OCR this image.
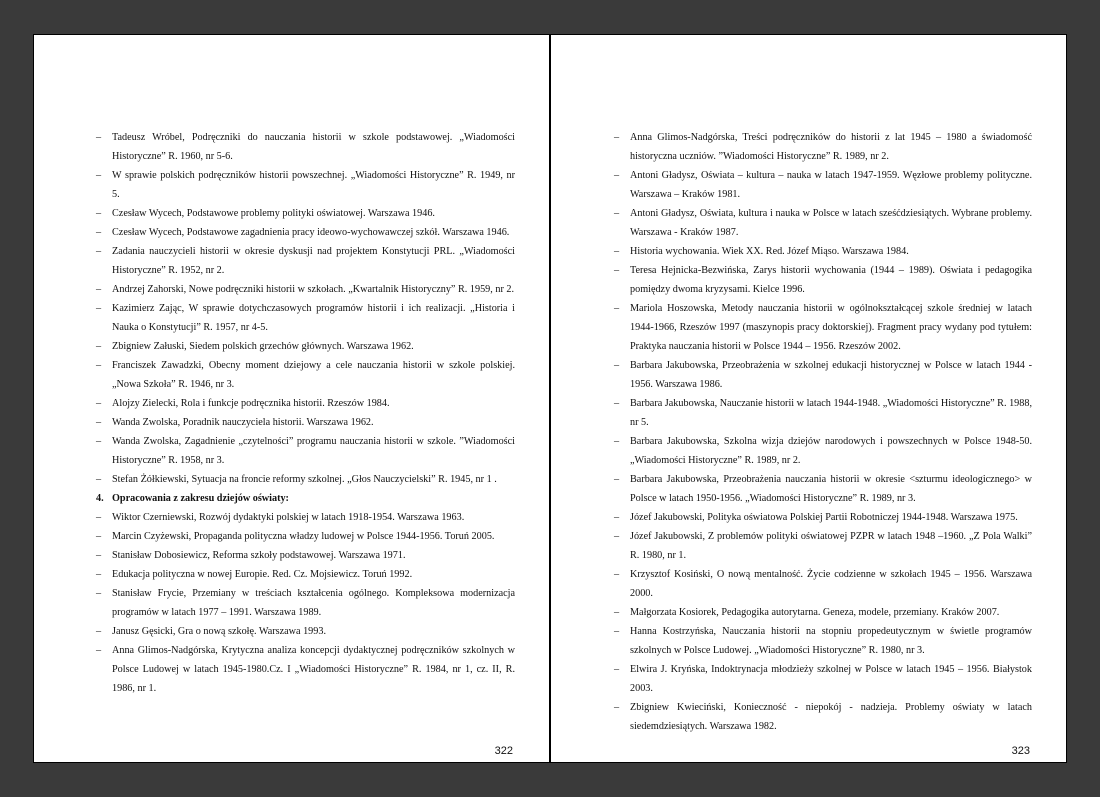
– Tadeusz Wróbel, Podręczniki do nauczania historii w szkole podstawowej. „Wiadomości Historyczne” R. 1960, nr 5-6.

– W sprawie polskich podręczników historii powszechnej. „Wiadomości Historyczne” R. 1949, nr 5.

– Czesław Wycech, Podstawowe problemy polityki oświatowej. Warszawa 1946.

– Czesław Wycech, Podstawowe zagadnienia pracy ideowo-wychowawczej szkół. Warszawa 1946.

– Zadania nauczycieli historii w okresie dyskusji nad projektem Konstytucji PRL. „Wiadomości Historyczne” R. 1952, nr 2.

– Andrzej Zahorski, Nowe podręczniki historii w szkołach. „Kwartalnik Historyczny” R. 1959, nr 2.

– Kazimierz Zając, W sprawie dotychczasowych programów historii i ich realizacji. „Historia i Nauka o Konstytucji” R. 1957, nr 4-5.

– Zbigniew Załuski, Siedem polskich grzechów głównych. Warszawa 1962.

– Franciszek Zawadzki, Obecny moment dziejowy a cele nauczania historii w szkole polskiej. „Nowa Szkoła” R. 1946, nr 3.

– Alojzy Zielecki, Rola i funkcje podręcznika historii. Rzeszów 1984.

– Wanda Zwolska, Poradnik nauczyciela historii. Warszawa 1962.

– Wanda Zwolska, Zagadnienie „czytelności” programu nauczania historii w szkole. ”Wiadomości Historyczne” R. 1958, nr 3.

– Stefan Żółkiewski, Sytuacja na froncie reformy szkolnej. „Głos Nauczycielski” R. 1945, nr 1 .

4. Opracowania z zakresu dziejów oświaty:

– Wiktor Czerniewski, Rozwój dydaktyki polskiej w latach 1918-1954. Warszawa 1963.

– Marcin Czyżewski, Propaganda polityczna władzy ludowej w Polsce 1944-1956. Toruń 2005.

– Stanisław Dobosiewicz, Reforma szkoły podstawowej. Warszawa 1971.

– Edukacja polityczna w nowej Europie. Red. Cz. Mojsiewicz. Toruń 1992.

– Stanisław Frycie, Przemiany w treściach kształcenia ogólnego. Kompleksowa modernizacja programów w latach 1977 – 1991. Warszawa 1989.

– Janusz Gęsicki, Gra o nową szkołę. Warszawa 1993.

– Anna Glimos-Nadgórska, Krytyczna analiza koncepcji dydaktycznej podręczników szkolnych w Polsce Ludowej w latach 1945-1980.Cz. I „Wiadomości Historyczne” R. 1984, nr 1, cz. II, R. 1986, nr 1.

322

– Anna Glimos-Nadgórska, Treści podręczników do historii z lat 1945 – 1980 a świadomość historyczna uczniów. ”Wiadomości Historyczne” R. 1989, nr 2.

– Antoni Gładysz, Oświata – kultura – nauka w latach 1947-1959. Węzłowe problemy polityczne. Warszawa – Kraków 1981.

– Antoni Gładysz, Oświata, kultura i nauka w Polsce w latach sześćdziesiątych. Wybrane problemy. Warszawa - Kraków 1987.

– Historia wychowania. Wiek XX. Red. Józef Miąso. Warszawa 1984.

– Teresa Hejnicka-Bezwińska, Zarys historii wychowania (1944 – 1989). Oświata i pedagogika pomiędzy dwoma kryzysami. Kielce 1996.

– Mariola Hoszowska, Metody nauczania historii w ogólnokształcącej szkole średniej w latach 1944-1966, Rzeszów 1997 (maszynopis pracy doktorskiej). Fragment pracy wydany pod tytułem: Praktyka nauczania historii w Polsce 1944 – 1956. Rzeszów 2002.

– Barbara Jakubowska, Przeobrażenia w szkolnej edukacji historycznej w Polsce w latach 1944 - 1956. Warszawa 1986.

– Barbara Jakubowska, Nauczanie historii w latach 1944-1948. „Wiadomości Historyczne” R. 1988, nr 5.

– Barbara Jakubowska, Szkolna wizja dziejów narodowych i powszechnych w Polsce 1948-50. „Wiadomości Historyczne” R. 1989, nr 2.

– Barbara Jakubowska, Przeobrażenia nauczania historii w okresie <szturmu ideologicznego> w Polsce w latach 1950-1956. „Wiadomości Historyczne” R. 1989, nr 3.

– Józef Jakubowski, Polityka oświatowa Polskiej Partii Robotniczej 1944-1948. Warszawa 1975.

– Józef Jakubowski, Z problemów polityki oświatowej PZPR w latach 1948 –1960. „Z Pola Walki” R. 1980, nr 1.

– Krzysztof Kosiński, O nową mentalność. Życie codzienne w szkołach 1945 – 1956. Warszawa 2000.

– Małgorzata Kosiorek, Pedagogika autorytarna. Geneza, modele, przemiany. Kraków 2007.

– Hanna Kostrzyńska, Nauczania historii na stopniu propedeutycznym w świetle programów szkolnych w Polsce Ludowej. „Wiadomości Historyczne” R. 1980, nr 3.

– Elwira J. Kryńska, Indoktrynacja młodzieży szkolnej w Polsce w latach 1945 – 1956. Białystok 2003.

– Zbigniew Kwieciński, Konieczność - niepokój - nadzieja. Problemy oświaty w latach siedemdziesiątych. Warszawa 1982.

323
